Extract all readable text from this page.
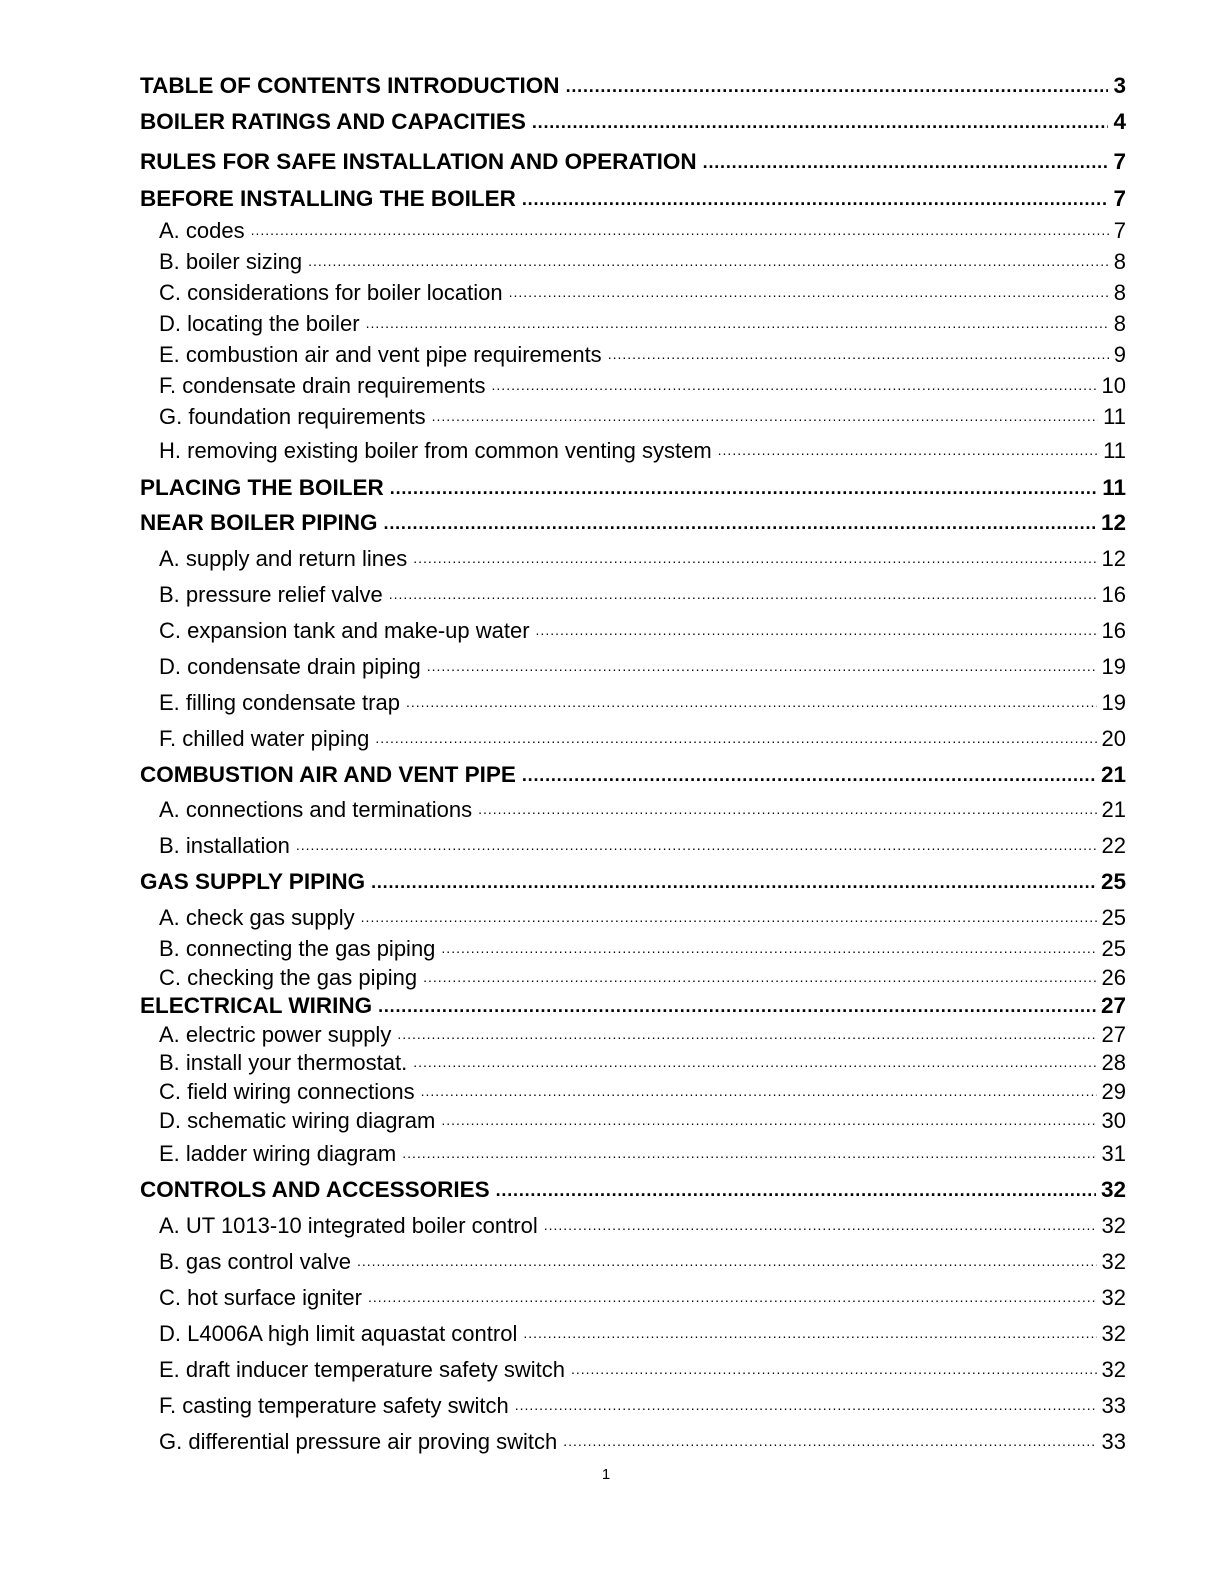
TABLE OF CONTENTS INTRODUCTION .....	3
BOILER RATINGS AND CAPACITIES .....	4
RULES FOR SAFE INSTALLATION AND OPERATION .....	7
BEFORE INSTALLING THE BOILER .....	7
A. codes .....	7
B. boiler sizing .....	8
C. considerations for boiler location .....	8
D. locating the boiler .....	8
E. combustion air and vent pipe requirements .....	9
F. condensate drain requirements .....	10
G. foundation requirements .....	11
H. removing existing boiler from common venting system .....	11
PLACING THE BOILER .....	11
NEAR BOILER PIPING .....	12
A. supply and return lines .....	12
B. pressure relief valve .....	16
C. expansion tank and make-up water .....	16
D. condensate drain piping .....	19
E. filling condensate trap .....	19
F. chilled water piping .....	20
COMBUSTION AIR AND VENT PIPE .....	21
A. connections and terminations .....	21
B. installation .....	22
GAS SUPPLY PIPING .....	25
A. check gas supply .....	25
B. connecting the gas piping .....	25
C. checking the gas piping .....	26
ELECTRICAL WIRING .....	27
A. electric power supply .....	27
B. install your thermostat. .....	28
C. field wiring connections .....	29
D. schematic wiring diagram .....	30
E. ladder wiring diagram .....	31
CONTROLS AND ACCESSORIES .....	32
A. UT 1013-10 integrated boiler control .....	32
B. gas control valve .....	32
C. hot surface igniter .....	32
D. L4006A high limit aquastat control .....	32
E. draft inducer temperature safety switch .....	32
F. casting temperature safety switch .....	33
G. differential pressure air proving switch .....	33
1
